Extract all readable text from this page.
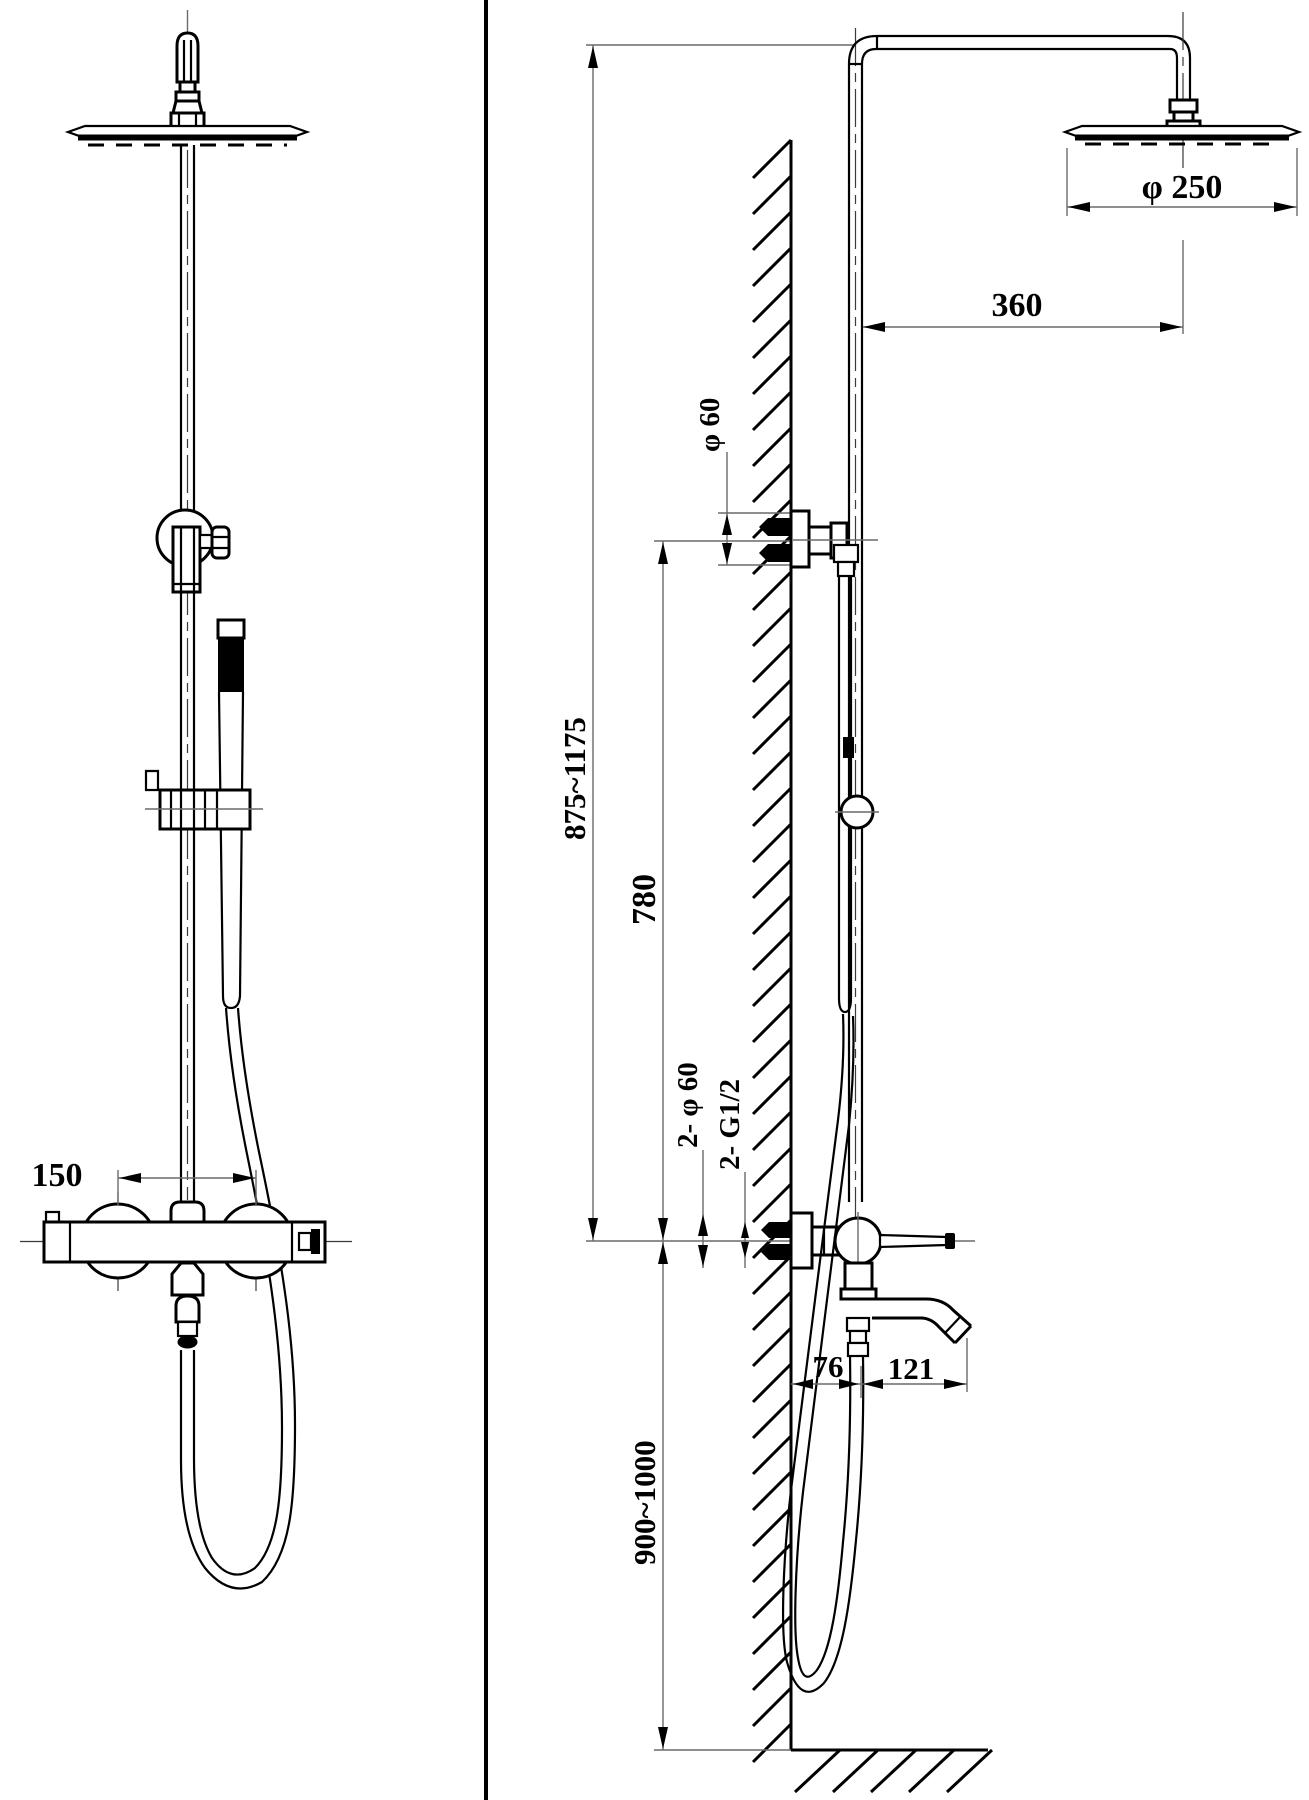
150
φ 250
360
φ 60
875~1175
780
900~1000
2- φ 60 2- G1/2
76 121
